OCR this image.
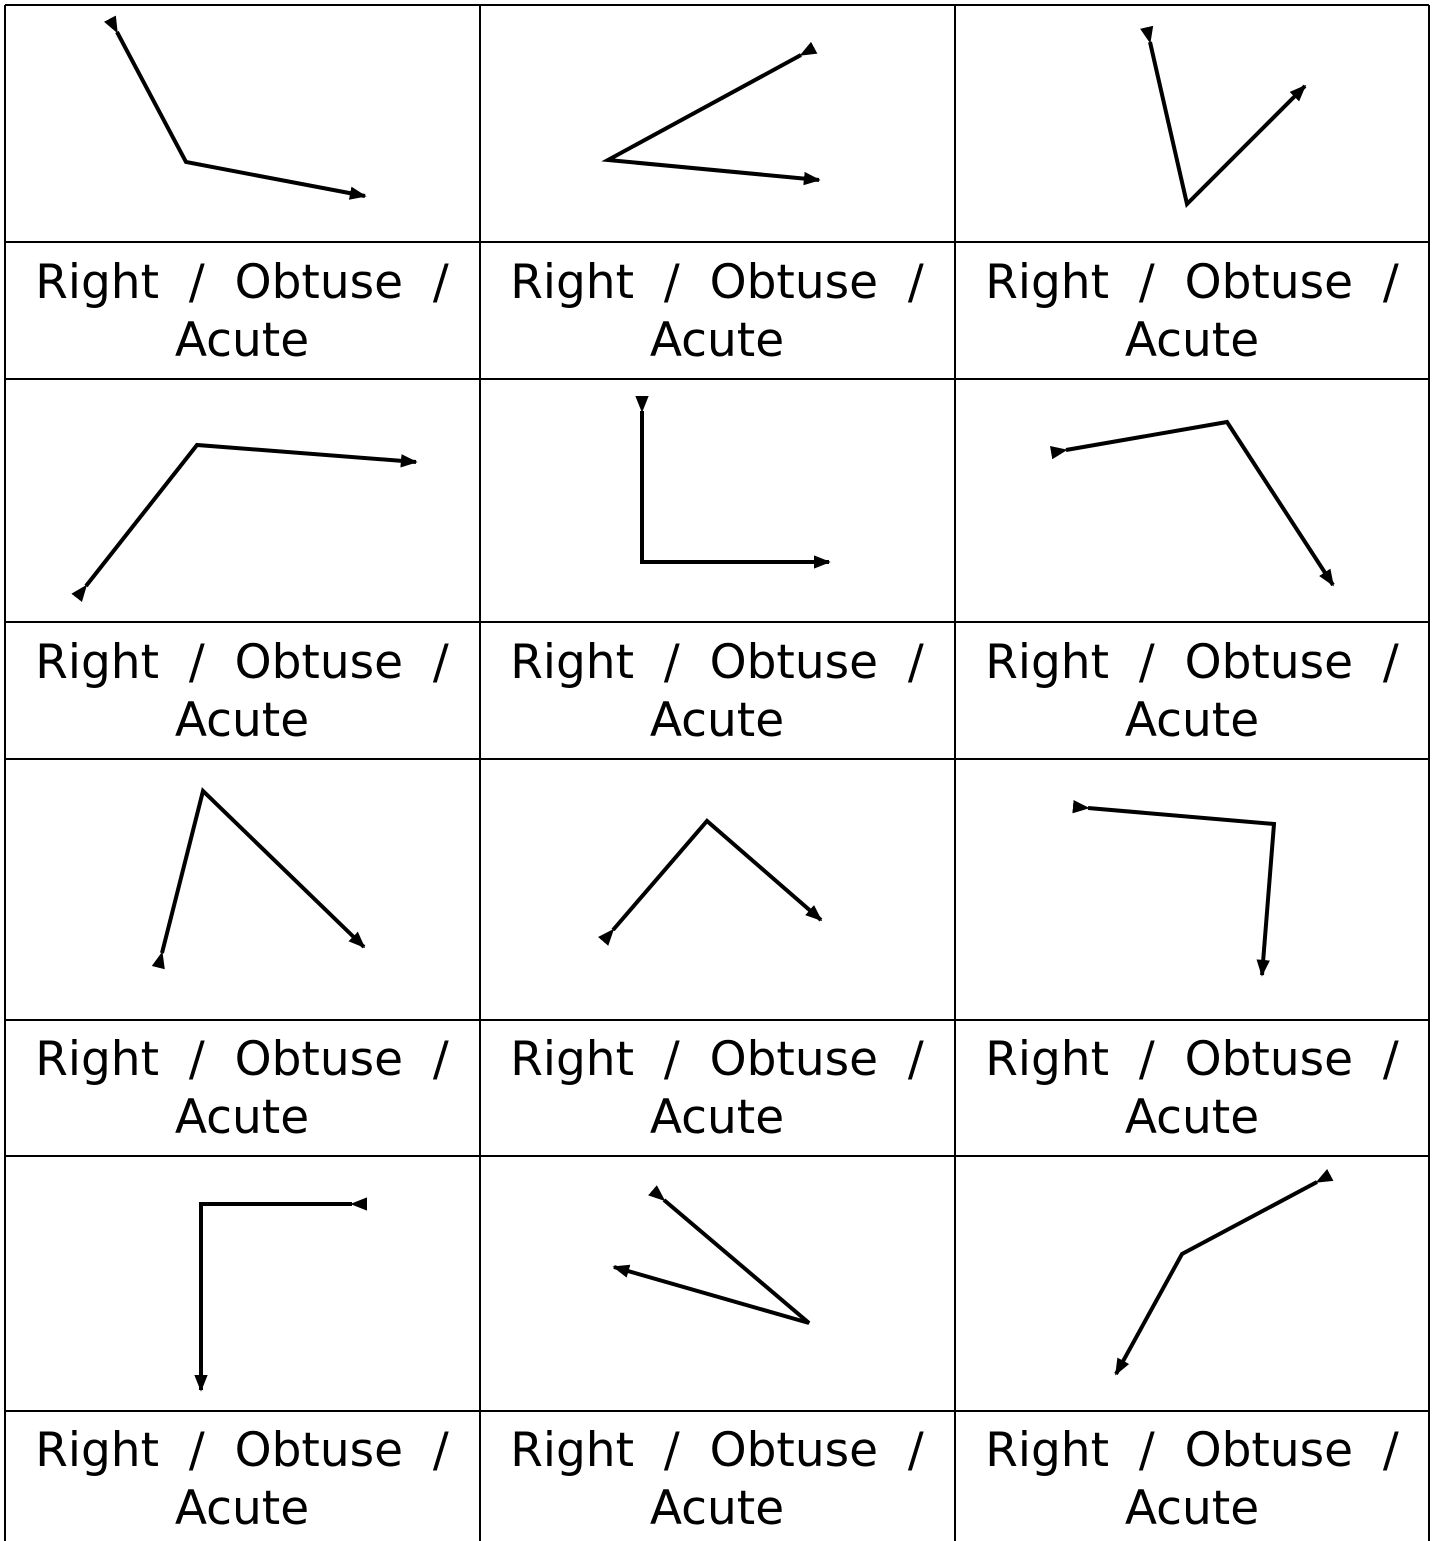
Right  /  Obtuse  /
Acute
Right  /  Obtuse  /
Acute
Right  /  Obtuse  /
Acute
Right  /  Obtuse  /
Acute
Right  /  Obtuse  /
Acute
Right  /  Obtuse  /
Acute
Right  /  Obtuse  /
Acute
Right  /  Obtuse  /
Acute
Right  /  Obtuse  /
Acute
Right  /  Obtuse  /
Acute
Right  /  Obtuse  /
Acute
Right  /  Obtuse  /
Acute
